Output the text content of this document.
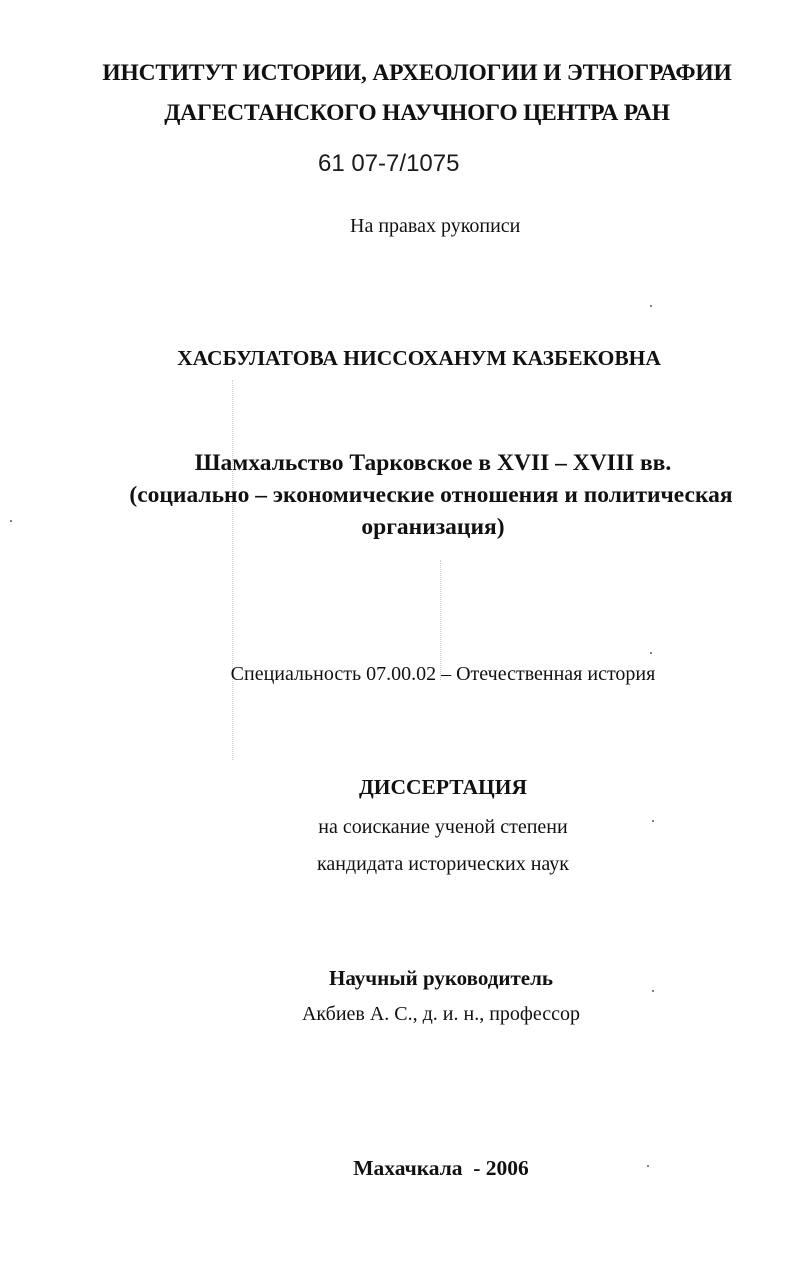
ИНСТИТУТ ИСТОРИИ, АРХЕОЛОГИИ И ЭТНОГРАФИИ
ДАГЕСТАНСКОГО НАУЧНОГО ЦЕНТРА РАН
61 07-7/1075
На правах рукописи
ХАСБУЛАТОВА НИССОХАНУМ КАЗБЕКОВНА
Шамхальство Тарковское в XVII – XVIII вв.
(социально – экономические отношения и политическая
организация)
Специальность 07.00.02 – Отечественная история
ДИССЕРТАЦИЯ
на соискание ученой степени
кандидата исторических наук
Научный руководитель
Акбиев А. С., д. и. н., профессор
Махачкала  - 2006
